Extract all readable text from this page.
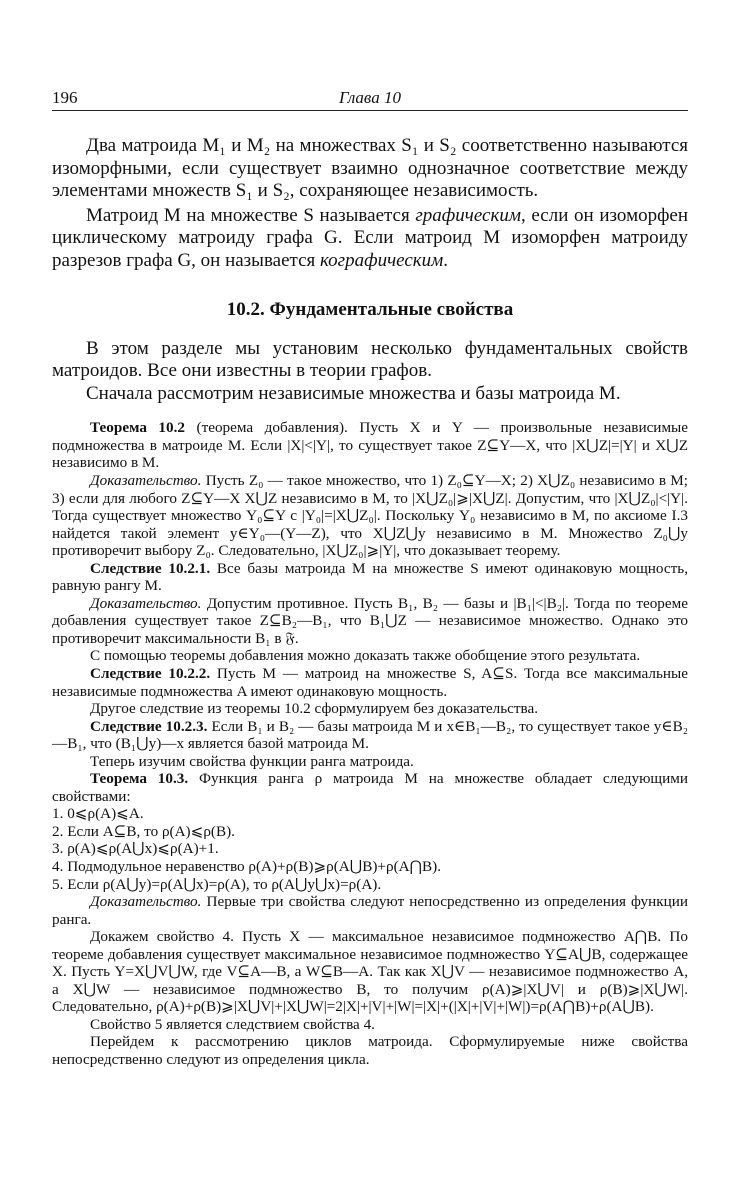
196	Глава 10

Два матроида M₁ и M₂ на множествах S₁ и S₂ соответственно называются изоморфными, если существует взаимно однозначное соответствие между элементами множеств S₁ и S₂, сохраняющее независимость.

Матроид M на множестве S называется графическим, если он изоморфен циклическому матроиду графа G. Если матроид M изоморфен матроиду разрезов графа G, он называется кографическим.

10.2. Фундаментальные свойства

В этом разделе мы установим несколько фундаментальных свойств матроидов. Все они известны в теории графов.

Сначала рассмотрим независимые множества и базы матроида M.

Теорема 10.2 (теорема добавления). Пусть X и Y — произвольные независимые подмножества в матроиде M. Если |X|<|Y|, то существует такое Z⊆Y—X, что |X⋃Z|=|Y| и X⋃Z независимо в M.

Доказательство. Пусть Z₀ — такое множество, что 1) Z₀⊆Y—X; 2) X⋃Z₀ независимо в M; 3) если для любого Z⊆Y—X X⋃Z независимо в M, то |X⋃Z₀|⩾|X⋃Z|. Допустим, что |X⋃Z₀|<|Y|. Тогда существует множество Y₀⊆Y с |Y₀|=|X⋃Z₀|. Поскольку Y₀ независимо в M, по аксиоме I.3 найдется такой элемент y∈Y₀—(Y—Z), что X⋃Z⋃y независимо в M. Множество Z₀⋃y противоречит выбору Z₀. Следовательно, |X⋃Z₀|⩾|Y|, что доказывает теорему.

Следствие 10.2.1. Все базы матроида M на множестве S имеют одинаковую мощность, равную рангу M.

Доказательство. Допустим противное. Пусть B₁, B₂ — базы и |B₁|<|B₂|. Тогда по теореме добавления существует такое Z⊆B₂—B₁, что B₁⋃Z — независимое множество. Однако это противоречит максимальности B₁ в 𝔉.

С помощью теоремы добавления можно доказать также обобщение этого результата.

Следствие 10.2.2. Пусть M — матроид на множестве S, A⊆S. Тогда все максимальные независимые подмножества A имеют одинаковую мощность.

Другое следствие из теоремы 10.2 сформулируем без доказательства.

Следствие 10.2.3. Если B₁ и B₂ — базы матроида M и x∈B₁—B₂, то существует такое y∈B₂—B₁, что (B₁⋃y)—x является базой матроида M.

Теперь изучим свойства функции ранга матроида.

Теорема 10.3. Функция ранга ρ матроида M на множестве обладает следующими свойствами:

1. 0⩽ρ(A)⩽A.
2. Если A⊆B, то ρ(A)⩽ρ(B).
3. ρ(A)⩽ρ(A⋃x)⩽ρ(A)+1.
4. Подмодульное неравенство ρ(A)+ρ(B)⩾ρ(A⋃B)+ρ(A⋂B).
5. Если ρ(A⋃y)=ρ(A⋃x)=ρ(A), то ρ(A⋃y⋃x)=ρ(A).

Доказательство. Первые три свойства следуют непосредственно из определения функции ранга.

Докажем свойство 4. Пусть X — максимальное независимое подмножество A⋂B. По теореме добавления существует максимальное независимое подмножество Y⊆A⋃B, содержащее X. Пусть Y=X⋃V⋃W, где V⊆A—B, а W⊆B—A. Так как X⋃V — независимое подмножество A, а X⋃W — независимое подмножество B, то получим ρ(A)⩾|X⋃V| и ρ(B)⩾|X⋃W|. Следовательно, ρ(A)+ρ(B)⩾|X⋃V|+|X⋃W|=2|X|+|V|+|W|=|X|+(|X|+|V|+|W|)=ρ(A⋂B)+ρ(A⋃B).

Свойство 5 является следствием свойства 4.

Перейдем к рассмотрению циклов матроида. Сформулируемые ниже свойства непосредственно следуют из определения цикла.
